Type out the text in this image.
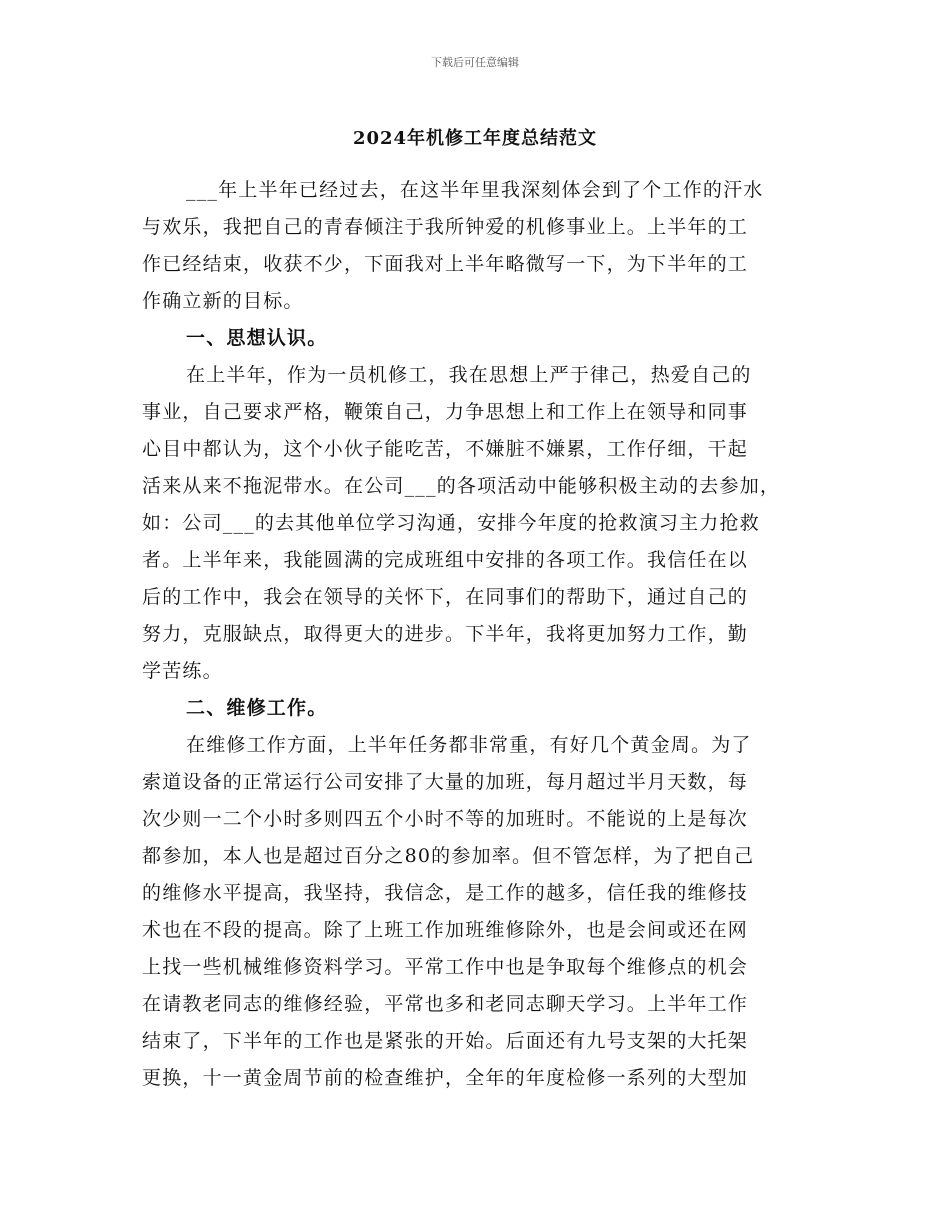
下载后可任意编辑
2024年机修工年度总结范文
___年上半年已经过去，在这半年里我深刻体会到了个工作的汗水
与欢乐，我把自己的青春倾注于我所钟爱的机修事业上。上半年的工
作已经结束，收获不少，下面我对上半年略微写一下，为下半年的工
作确立新的目标。
一、思想认识。
在上半年，作为一员机修工，我在思想上严于律己，热爱自己的
事业，自己要求严格，鞭策自己，力争思想上和工作上在领导和同事
心目中都认为，这个小伙子能吃苦，不嫌脏不嫌累，工作仔细，干起
活来从来不拖泥带水。在公司___的各项活动中能够积极主动的去参加，
如：公司___的去其他单位学习沟通，安排今年度的抢救演习主力抢救
者。上半年来，我能圆满的完成班组中安排的各项工作。我信任在以
后的工作中，我会在领导的关怀下，在同事们的帮助下，通过自己的
努力，克服缺点，取得更大的进步。下半年，我将更加努力工作，勤
学苦练。
二、维修工作。
在维修工作方面，上半年任务都非常重，有好几个黄金周。为了
索道设备的正常运行公司安排了大量的加班，每月超过半月天数，每
次少则一二个小时多则四五个小时不等的加班时。不能说的上是每次
都参加，本人也是超过百分之80的参加率。但不管怎样，为了把自己
的维修水平提高，我坚持，我信念，是工作的越多，信任我的维修技
术也在不段的提高。除了上班工作加班维修除外，也是会间或还在网
上找一些机械维修资料学习。平常工作中也是争取每个维修点的机会
在请教老同志的维修经验，平常也多和老同志聊天学习。上半年工作
结束了，下半年的工作也是紧张的开始。后面还有九号支架的大托架
更换，十一黄金周节前的检查维护，全年的年度检修一系列的大型加
